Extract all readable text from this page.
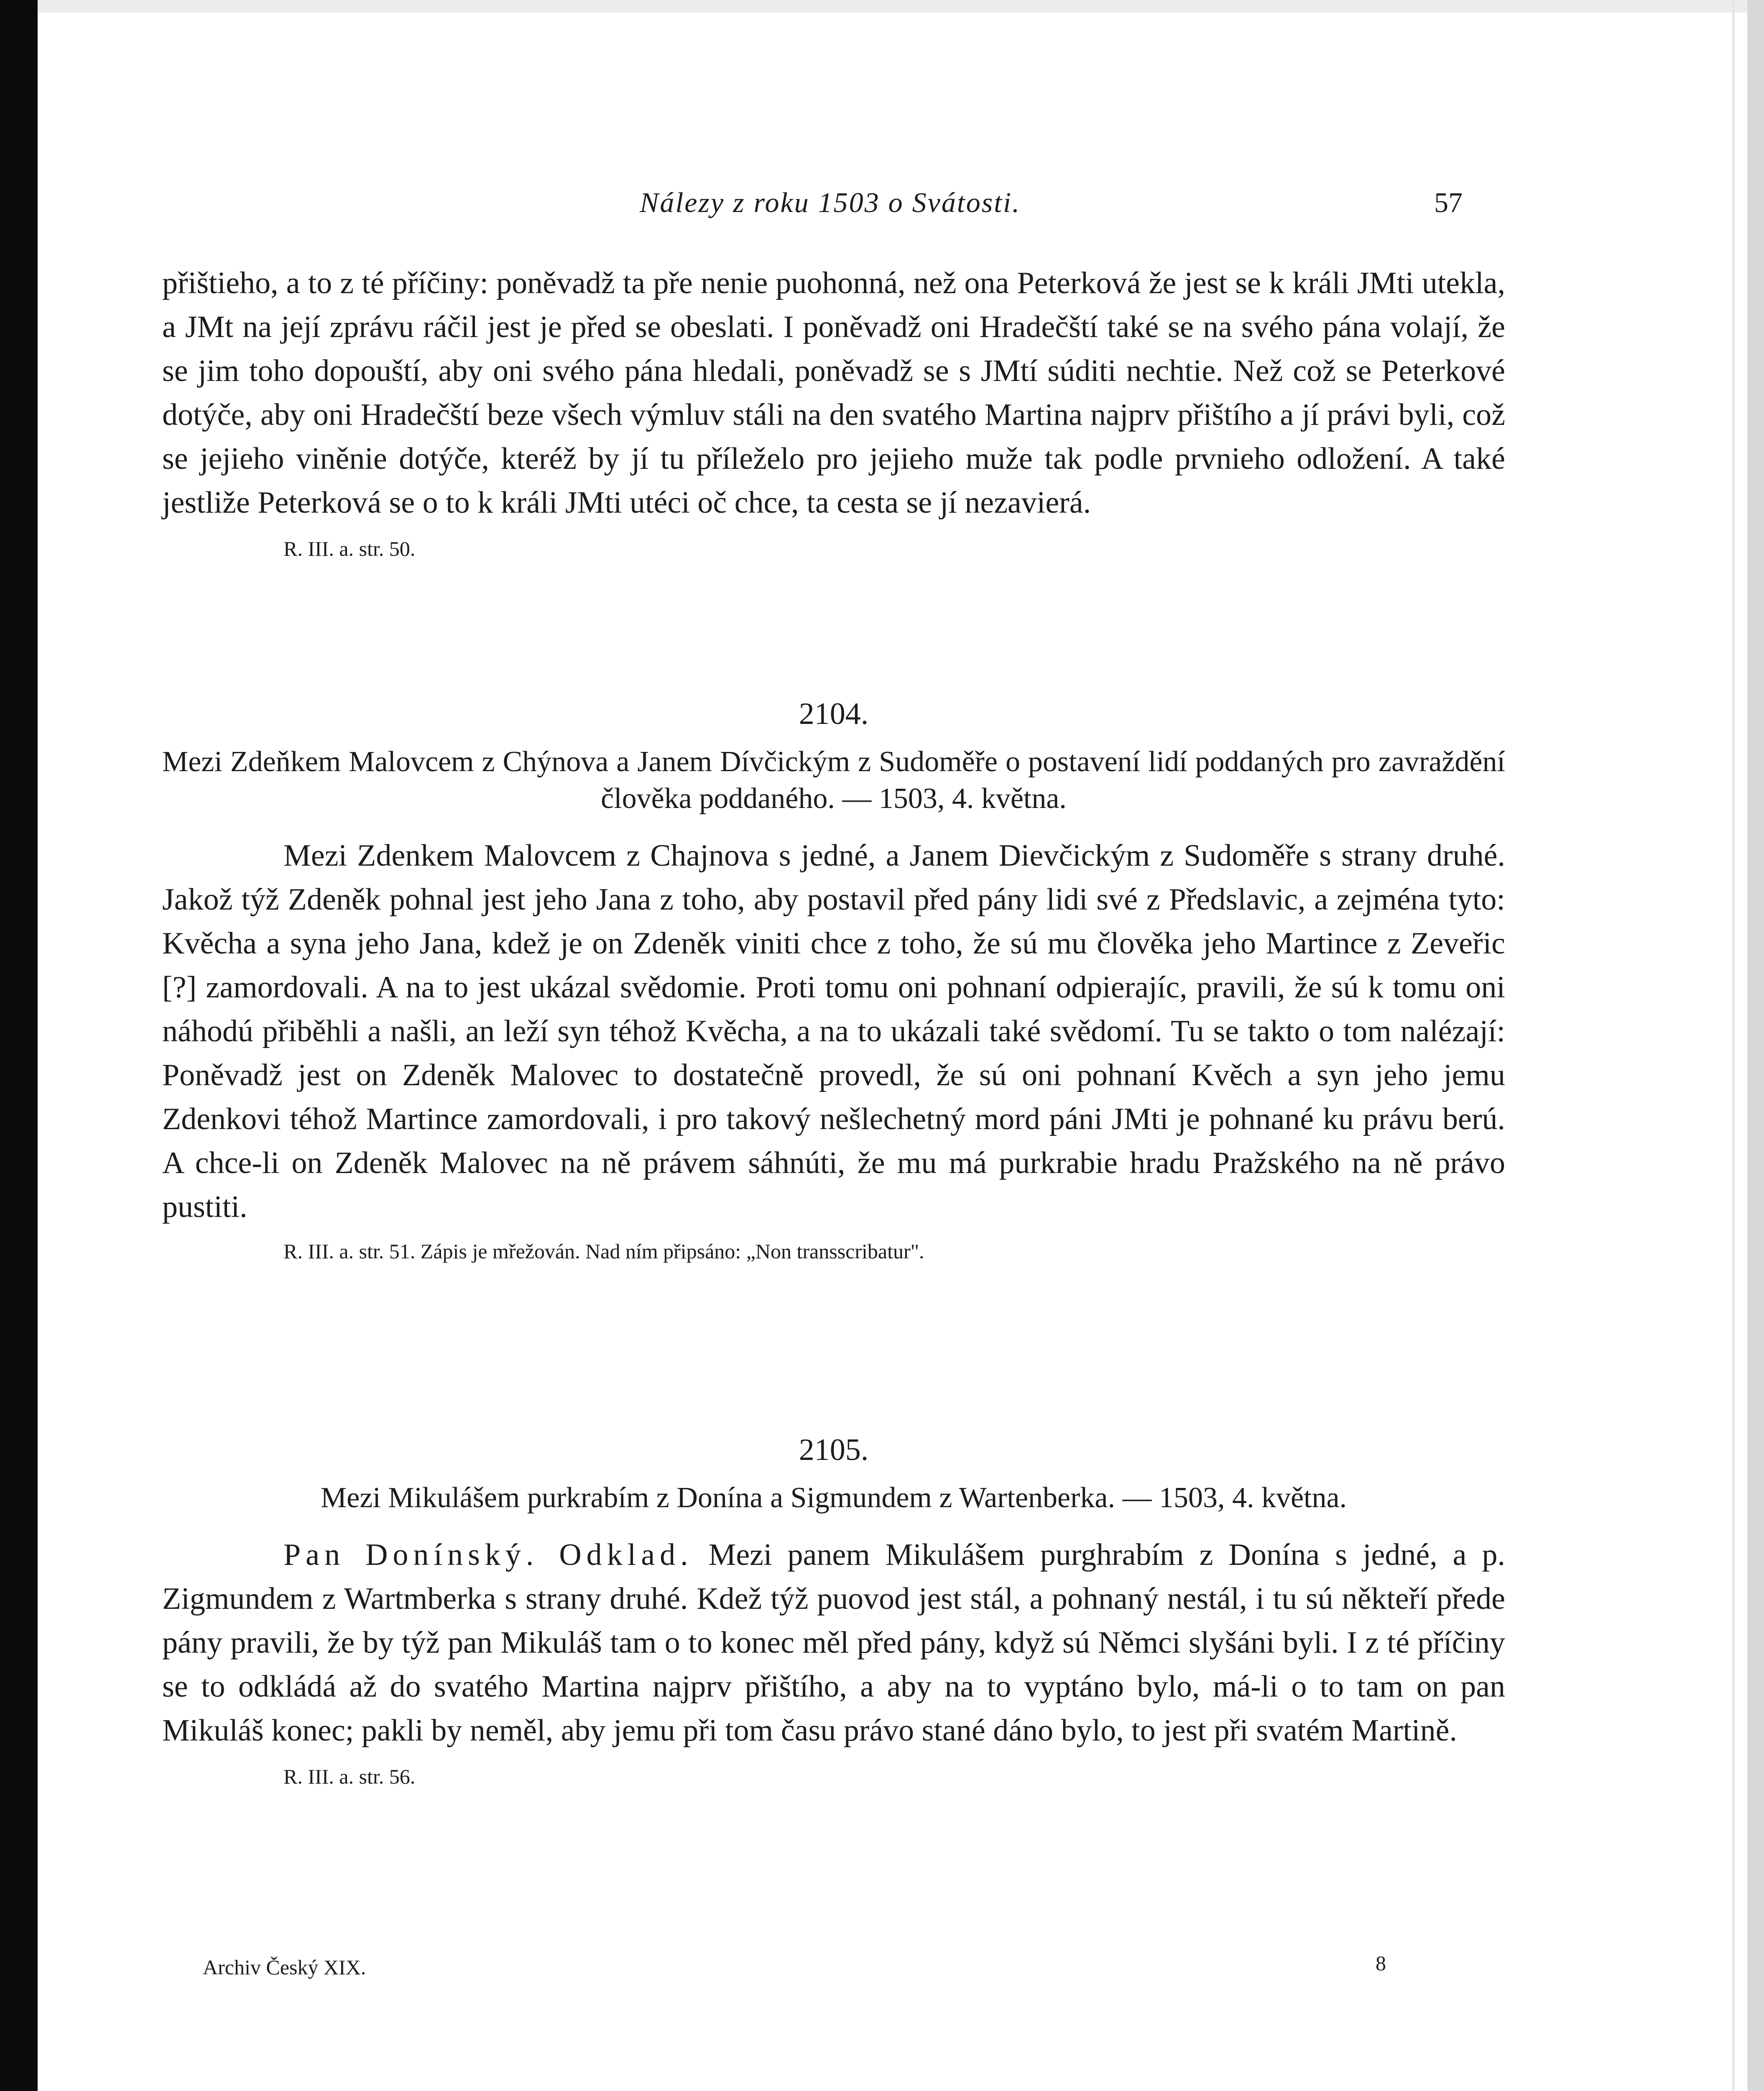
Nálezy z roku 1503 o Svátosti.	57

přištieho, a to z té příčiny: poněvadž ta pře nenie puohonná, než ona Peterková že jest se k králi JMti utekla, a JMt na její zprávu ráčil jest je před se obeslati. I poněvadž oni Hradečští také se na svého pána volají, že se jim toho dopouští, aby oni svého pána hledali, poněvadž se s JMtí súditi nechtie. Než což se Peterkové dotýče, aby oni Hradečští beze všech výmluv stáli na den svatého Martina najprv přištího a jí právi byli, což se jejieho viněnie dotýče, kteréž by jí tu příleželo pro jejieho muže tak podle prvnieho odložení. A také jestliže Peterková se o to k králi JMti utéci oč chce, ta cesta se jí nezavierá.

R. III. a. str. 50.

2104.

Mezi Zdeňkem Malovcem z Chýnova a Janem Dívčickým z Sudoměře o postavení lidí poddaných pro zavraždění člověka poddaného. — 1503, 4. května.

Mezi Zdenkem Malovcem z Chajnova s jedné, a Janem Dievčickým z Sudoměře s strany druhé. Jakož týž Zdeněk pohnal jest jeho Jana z toho, aby postavil před pány lidi své z Předslavic, a zejména tyto: Kvěcha a syna jeho Jana, kdež je on Zdeněk viniti chce z toho, že sú mu člověka jeho Martince z Zeveřic [?] zamordovali. A na to jest ukázal svědomie. Proti tomu oni pohnaní odpierajíc, pravili, že sú k tomu oni náhodú přiběhli a našli, an leží syn téhož Kvěcha, a na to ukázali také svědomí. Tu se takto o tom nalézají: Poněvadž jest on Zdeněk Malovec to dostatečně provedl, že sú oni pohnaní Kvěch a syn jeho jemu Zdenkovi téhož Martince zamordovali, i pro takový nešlechetný mord páni JMti je pohnané ku právu berú. A chce-li on Zdeněk Malovec na ně právem sáhnúti, že mu má purkrabie hradu Pražského na ně právo pustiti.

R. III. a. str. 51. Zápis je mřežován. Nad ním připsáno: „Non transscribatur".

2105.

Mezi Mikulášem purkrabím z Donína a Sigmundem z Wartenberka. — 1503, 4. května.

Pan Donínský. Odklad. Mezi panem Mikulášem purghrabím z Donína s jedné, a p. Zigmundem z Wartmberka s strany druhé. Kdež týž puovod jest stál, a pohnaný nestál, i tu sú někteří přede pány pravili, že by týž pan Mikuláš tam o to konec měl před pány, když sú Němci slyšáni byli. I z té příčiny se to odkládá až do svatého Martina najprv přištího, a aby na to vyptáno bylo, má-li o to tam on pan Mikuláš konec; pakli by neměl, aby jemu při tom času právo stané dáno bylo, to jest při svatém Martině.

R. III. a. str. 56.

Archiv Český XIX.	8
